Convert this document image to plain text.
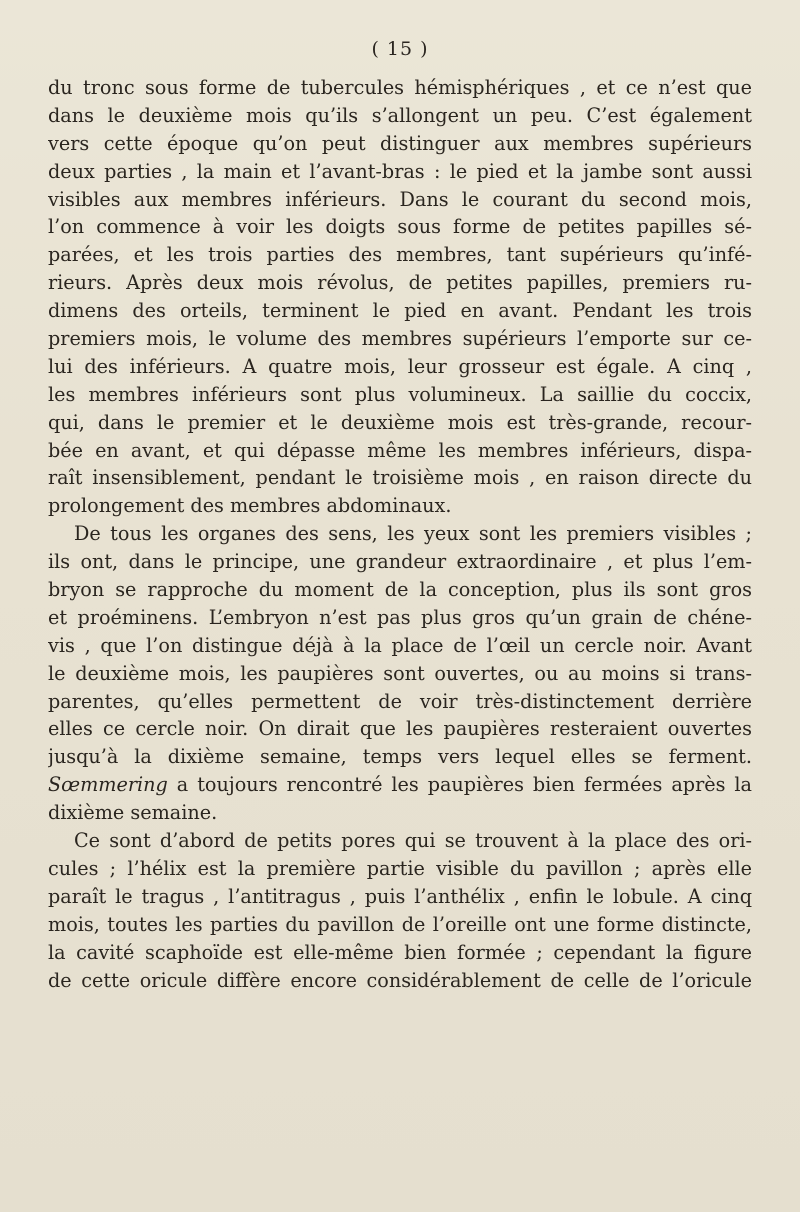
( 15 )
du tronc sous forme de tubercules hémisphériques , et ce n’est que
dans le deuxième mois qu’ils s’allongent un peu. C’est également
vers cette époque qu’on peut distinguer aux membres supérieurs
deux parties , la main et l’avant-bras : le pied et la jambe sont aussi
visibles aux membres inférieurs. Dans le courant du second mois,
l’on commence à voir les doigts sous forme de petites papilles sé-
parées, et les trois parties des membres, tant supérieurs qu’infé-
rieurs. Après deux mois révolus, de petites papilles, premiers ru-
dimens des orteils, terminent le pied en avant. Pendant les trois
premiers mois, le volume des membres supérieurs l’emporte sur ce-
lui des inférieurs. A quatre mois, leur grosseur est égale. A cinq ,
les membres inférieurs sont plus volumineux. La saillie du coccix,
qui, dans le premier et le deuxième mois est très-grande, recour-
bée en avant, et qui dépasse même les membres inférieurs, dispa-
raît insensiblement, pendant le troisième mois , en raison directe du
prolongement des membres abdominaux.
De tous les organes des sens, les yeux sont les premiers visibles ;
ils ont, dans le principe, une grandeur extraordinaire , et plus l’em-
bryon se rapproche du moment de la conception, plus ils sont gros
et proéminens. L’embryon n’est pas plus gros qu’un grain de chéne-
vis , que l’on distingue déjà à la place de l’œil un cercle noir. Avant
le deuxième mois, les paupières sont ouvertes, ou au moins si trans-
parentes, qu’elles permettent de voir très-distinctement derrière
elles ce cercle noir. On dirait que les paupières resteraient ouvertes
jusqu’à la dixième semaine, temps vers lequel elles se ferment.
Sœmmering a toujours rencontré les paupières bien fermées après la
dixième semaine.
Ce sont d’abord de petits pores qui se trouvent à la place des ori-
cules ; l’hélix est la première partie visible du pavillon ; après elle
paraît le tragus , l’antitragus , puis l’anthélix , enfin le lobule. A cinq
mois, toutes les parties du pavillon de l’oreille ont une forme distincte,
la cavité scaphoïde est elle-même bien formée ; cependant la figure
de cette oricule diffère encore considérablement de celle de l’oricule
